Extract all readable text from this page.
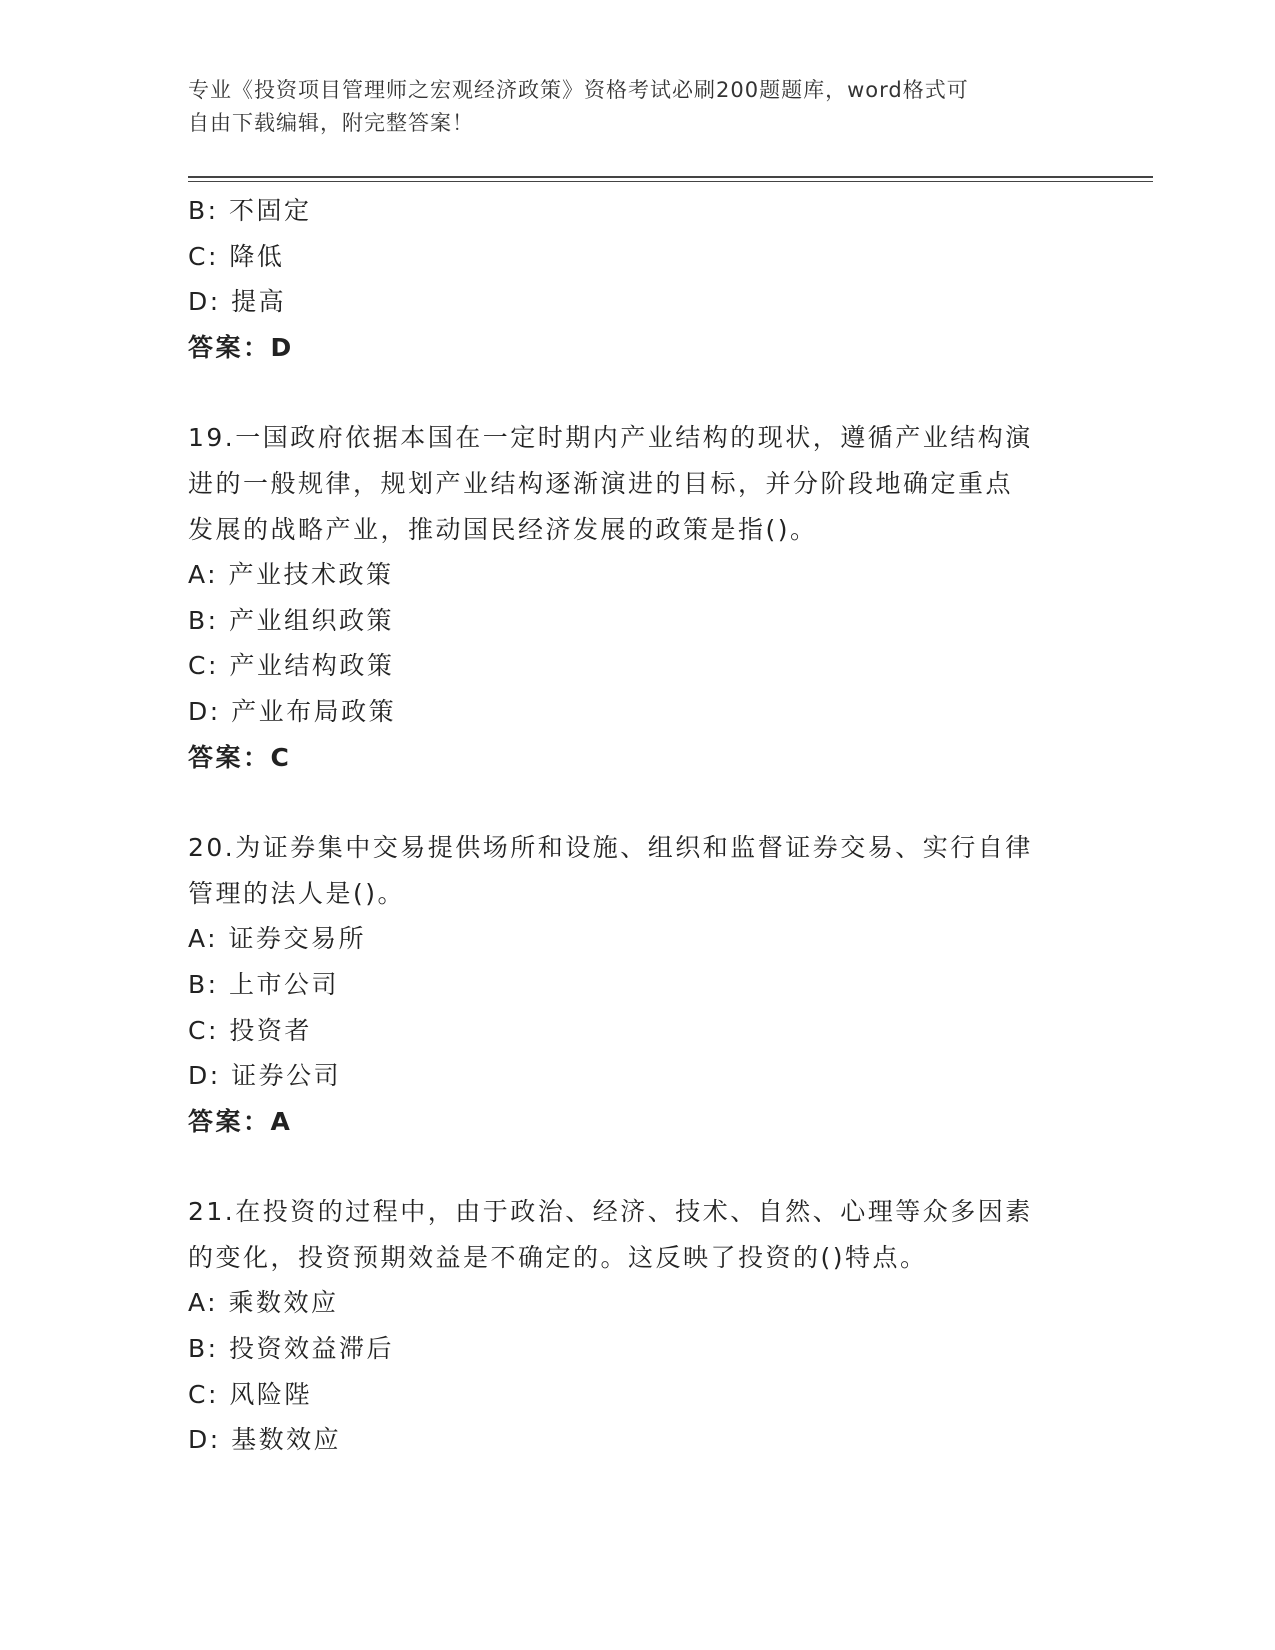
专业《投资项目管理师之宏观经济政策》资格考试必刷200题题库，word格式可
自由下载编辑，附完整答案！
B: 不固定
C: 降低
D: 提高
答案：D
19.一国政府依据本国在一定时期内产业结构的现状，遵循产业结构演
进的一般规律，规划产业结构逐渐演进的目标，并分阶段地确定重点
发展的战略产业，推动国民经济发展的政策是指()。
A: 产业技术政策
B: 产业组织政策
C: 产业结构政策
D: 产业布局政策
答案：C
20.为证券集中交易提供场所和设施、组织和监督证券交易、实行自律
管理的法人是()。
A: 证券交易所
B: 上市公司
C: 投资者
D: 证券公司
答案：A
21.在投资的过程中，由于政治、经济、技术、自然、心理等众多因素
的变化，投资预期效益是不确定的。这反映了投资的()特点。
A: 乘数效应
B: 投资效益滞后
C: 风险陛
D: 基数效应
